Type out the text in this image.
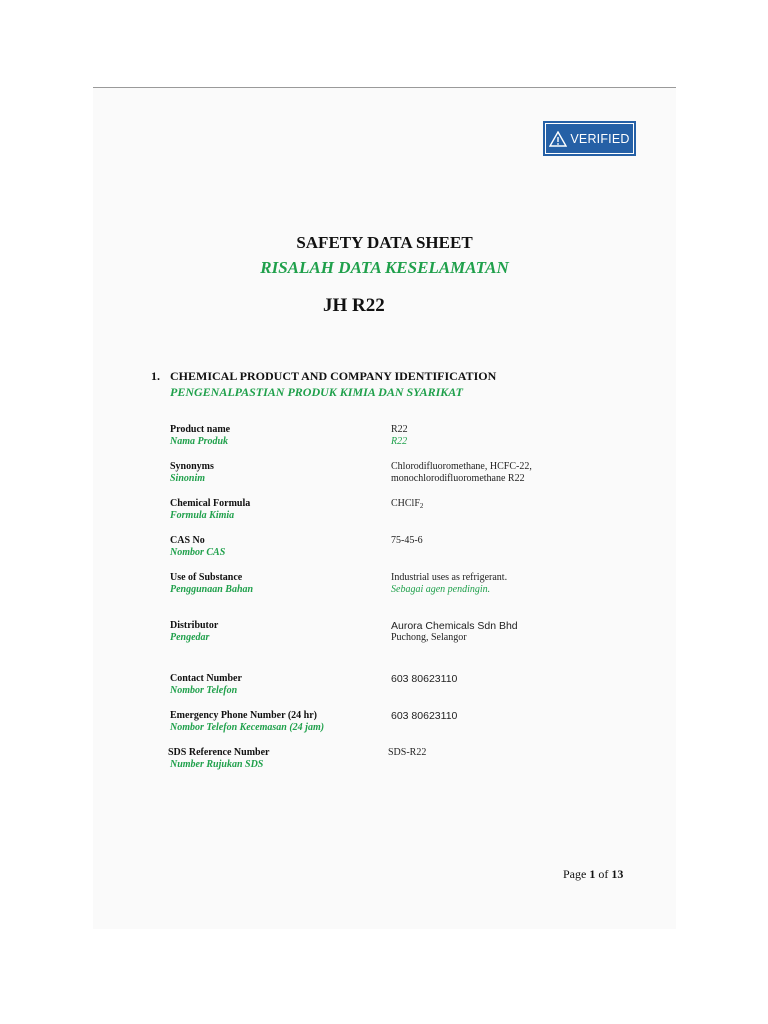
VERIFIED
SAFETY DATA SHEET
RISALAH DATA KESELAMATAN
JH R22
1. CHEMICAL PRODUCT AND COMPANY IDENTIFICATION
PENGENALPASTIAN PRODUK KIMIA DAN SYARIKAT
Product name
Nama Produk
R22
R22
Synonyms
Sinonim
Chlorodifluoromethane, HCFC-22,
monochlorodifluoromethane R22
Chemical Formula
Formula Kimia
CHClF$_2$
CAS No
Nombor CAS
75-45-6
Use of Substance
Penggunaan Bahan
Industrial uses as refrigerant.
Sebagai agen pendingin.
Distributor
Pengedar
Aurora Chemicals Sdn Bhd
Puchong, Selangor
Contact Number
Nombor Telefon
603 80623110
Emergency Phone Number (24 hr)
Nombor Telefon Kecemasan (24 jam)
603 80623110
SDS Reference Number
Number Rujukan SDS
SDS-R22
Page 1 of 13
